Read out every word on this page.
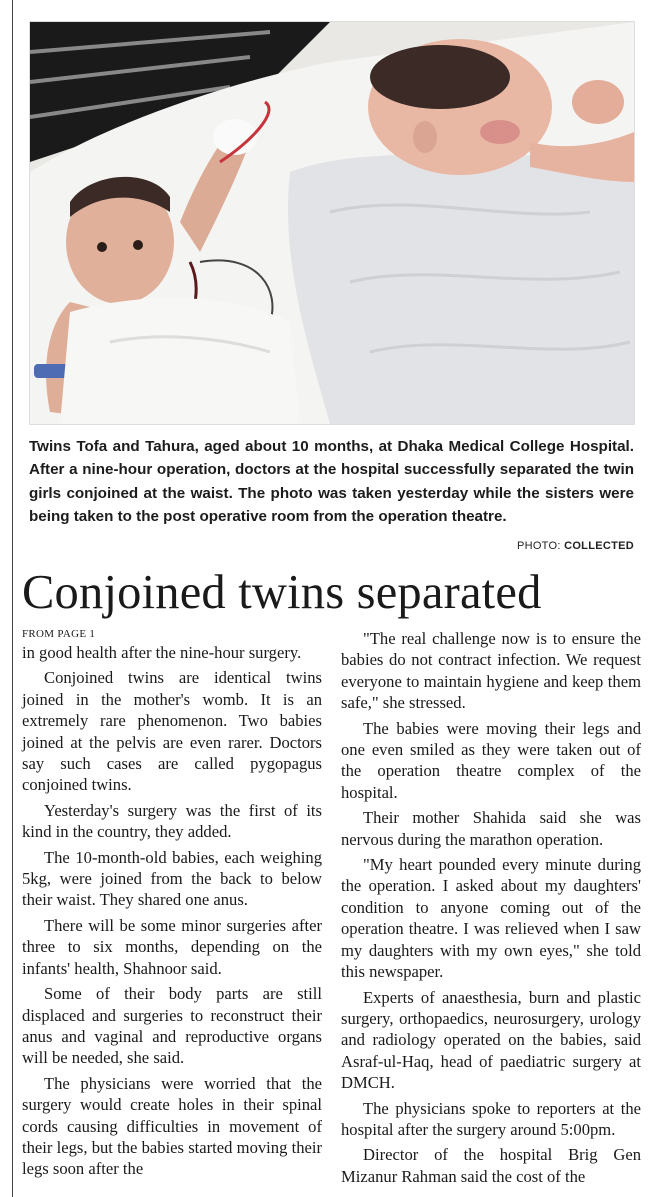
Twins Tofa and Tahura, aged about 10 months, at Dhaka Medical College Hospital. After a nine-hour operation, doctors at the hospital successfully separated the twin girls conjoined at the waist. The photo was taken yesterday while the sisters were being taken to the post operative room from the operation theatre.
PHOTO: COLLECTED
Conjoined twins separated
FROM PAGE 1

in good health after the nine-hour surgery.

Conjoined twins are identical twins joined in the mother's womb. It is an extremely rare phenomenon. Two babies joined at the pelvis are even rarer. Doctors say such cases are called pygopagus conjoined twins.

Yesterday's surgery was the first of its kind in the country, they added.

The 10-month-old babies, each weighing 5kg, were joined from the back to below their waist. They shared one anus.

There will be some minor surgeries after three to six months, depending on the infants' health, Shahnoor said.

Some of their body parts are still displaced and surgeries to reconstruct their anus and vaginal and reproductive organs will be needed, she said.

The physicians were worried that the surgery would create holes in their spinal cords causing difficulties in movement of their legs, but the babies started moving their legs soon after the

"The real challenge now is to ensure the babies do not contract infection. We request everyone to maintain hygiene and keep them safe," she stressed.

The babies were moving their legs and one even smiled as they were taken out of the operation theatre complex of the hospital.

Their mother Shahida said she was nervous during the marathon operation.

"My heart pounded every minute during the operation. I asked about my daughters' condition to anyone coming out of the operation theatre. I was relieved when I saw my daughters with my own eyes," she told this newspaper.

Experts of anaesthesia, burn and plastic surgery, orthopaedics, neurosurgery, urology and radiology operated on the babies, said Asraf-ul-Haq, head of paediatric surgery at DMCH.

The physicians spoke to reporters at the hospital after the surgery around 5:00pm.

Director of the hospital Brig Gen Mizanur Rahman said the cost of the
